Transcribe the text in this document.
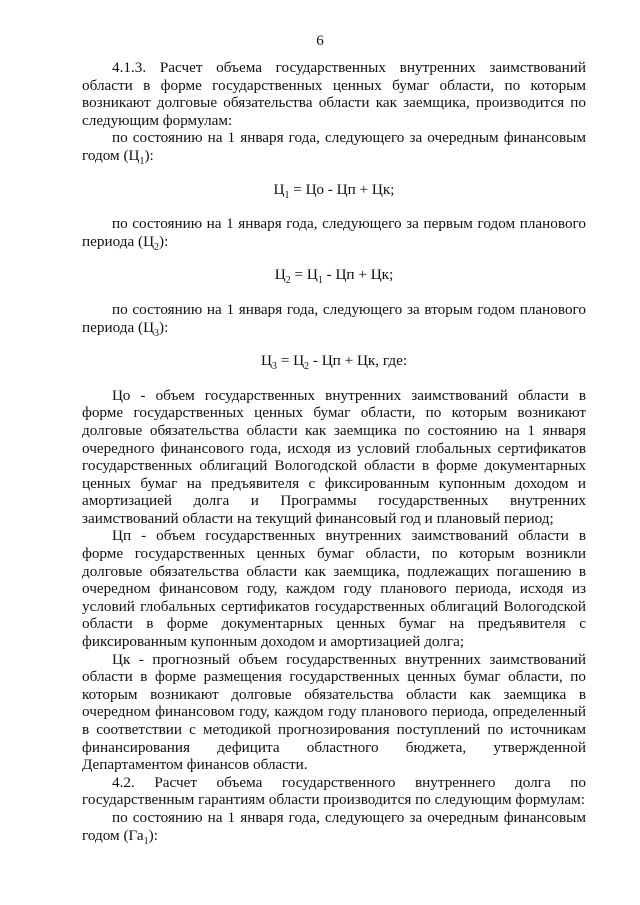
6

4.1.3. Расчет объема государственных внутренних заимствований области в форме государственных ценных бумаг области, по которым возникают долговые обязательства области как заемщика, производится по следующим формулам:

по состоянию на 1 января года, следующего за очередным финансовым годом $(Ц_1)$:

$Ц_1$ = Цо - Цп + Цк;

по состоянию на 1 января года, следующего за первым годом планового периода $(Ц_2)$:

$Ц_2 = Ц_1$ - Цп + Цк;

по состоянию на 1 января года, следующего за вторым годом планового периода $(Ц_3)$:

$Ц_3 = Ц_2$ - Цп + Цк, где:

Цо - объем государственных внутренних заимствований области в форме государственных ценных бумаг области, по которым возникают долговые обязательства области как заемщика по состоянию на 1 января очередного финансового года, исходя из условий глобальных сертификатов государственных облигаций Вологодской области в форме документарных ценных бумаг на предъявителя с фиксированным купонным доходом и амортизацией долга и Программы государственных внутренних заимствований области на текущий финансовый год и плановый период;

Цп - объем государственных внутренних заимствований области в форме государственных ценных бумаг области, по которым возникли долговые обязательства области как заемщика, подлежащих погашению в очередном финансовом году, каждом году планового периода, исходя из условий глобальных сертификатов государственных облигаций Вологодской области в форме документарных ценных бумаг на предъявителя с фиксированным купонным доходом и амортизацией долга;

Цк - прогнозный объем государственных внутренних заимствований области в форме размещения государственных ценных бумаг области, по которым возникают долговые обязательства области как заемщика в очередном финансовом году, каждом году планового периода, определенный в соответствии с методикой прогнозирования поступлений по источникам финансирования дефицита областного бюджета, утвержденной Департаментом финансов области.

4.2. Расчет объема государственного внутреннего долга по государственным гарантиям области производится по следующим формулам:

по состоянию на 1 января года, следующего за очередным финансовым годом $(Га_1)$:
